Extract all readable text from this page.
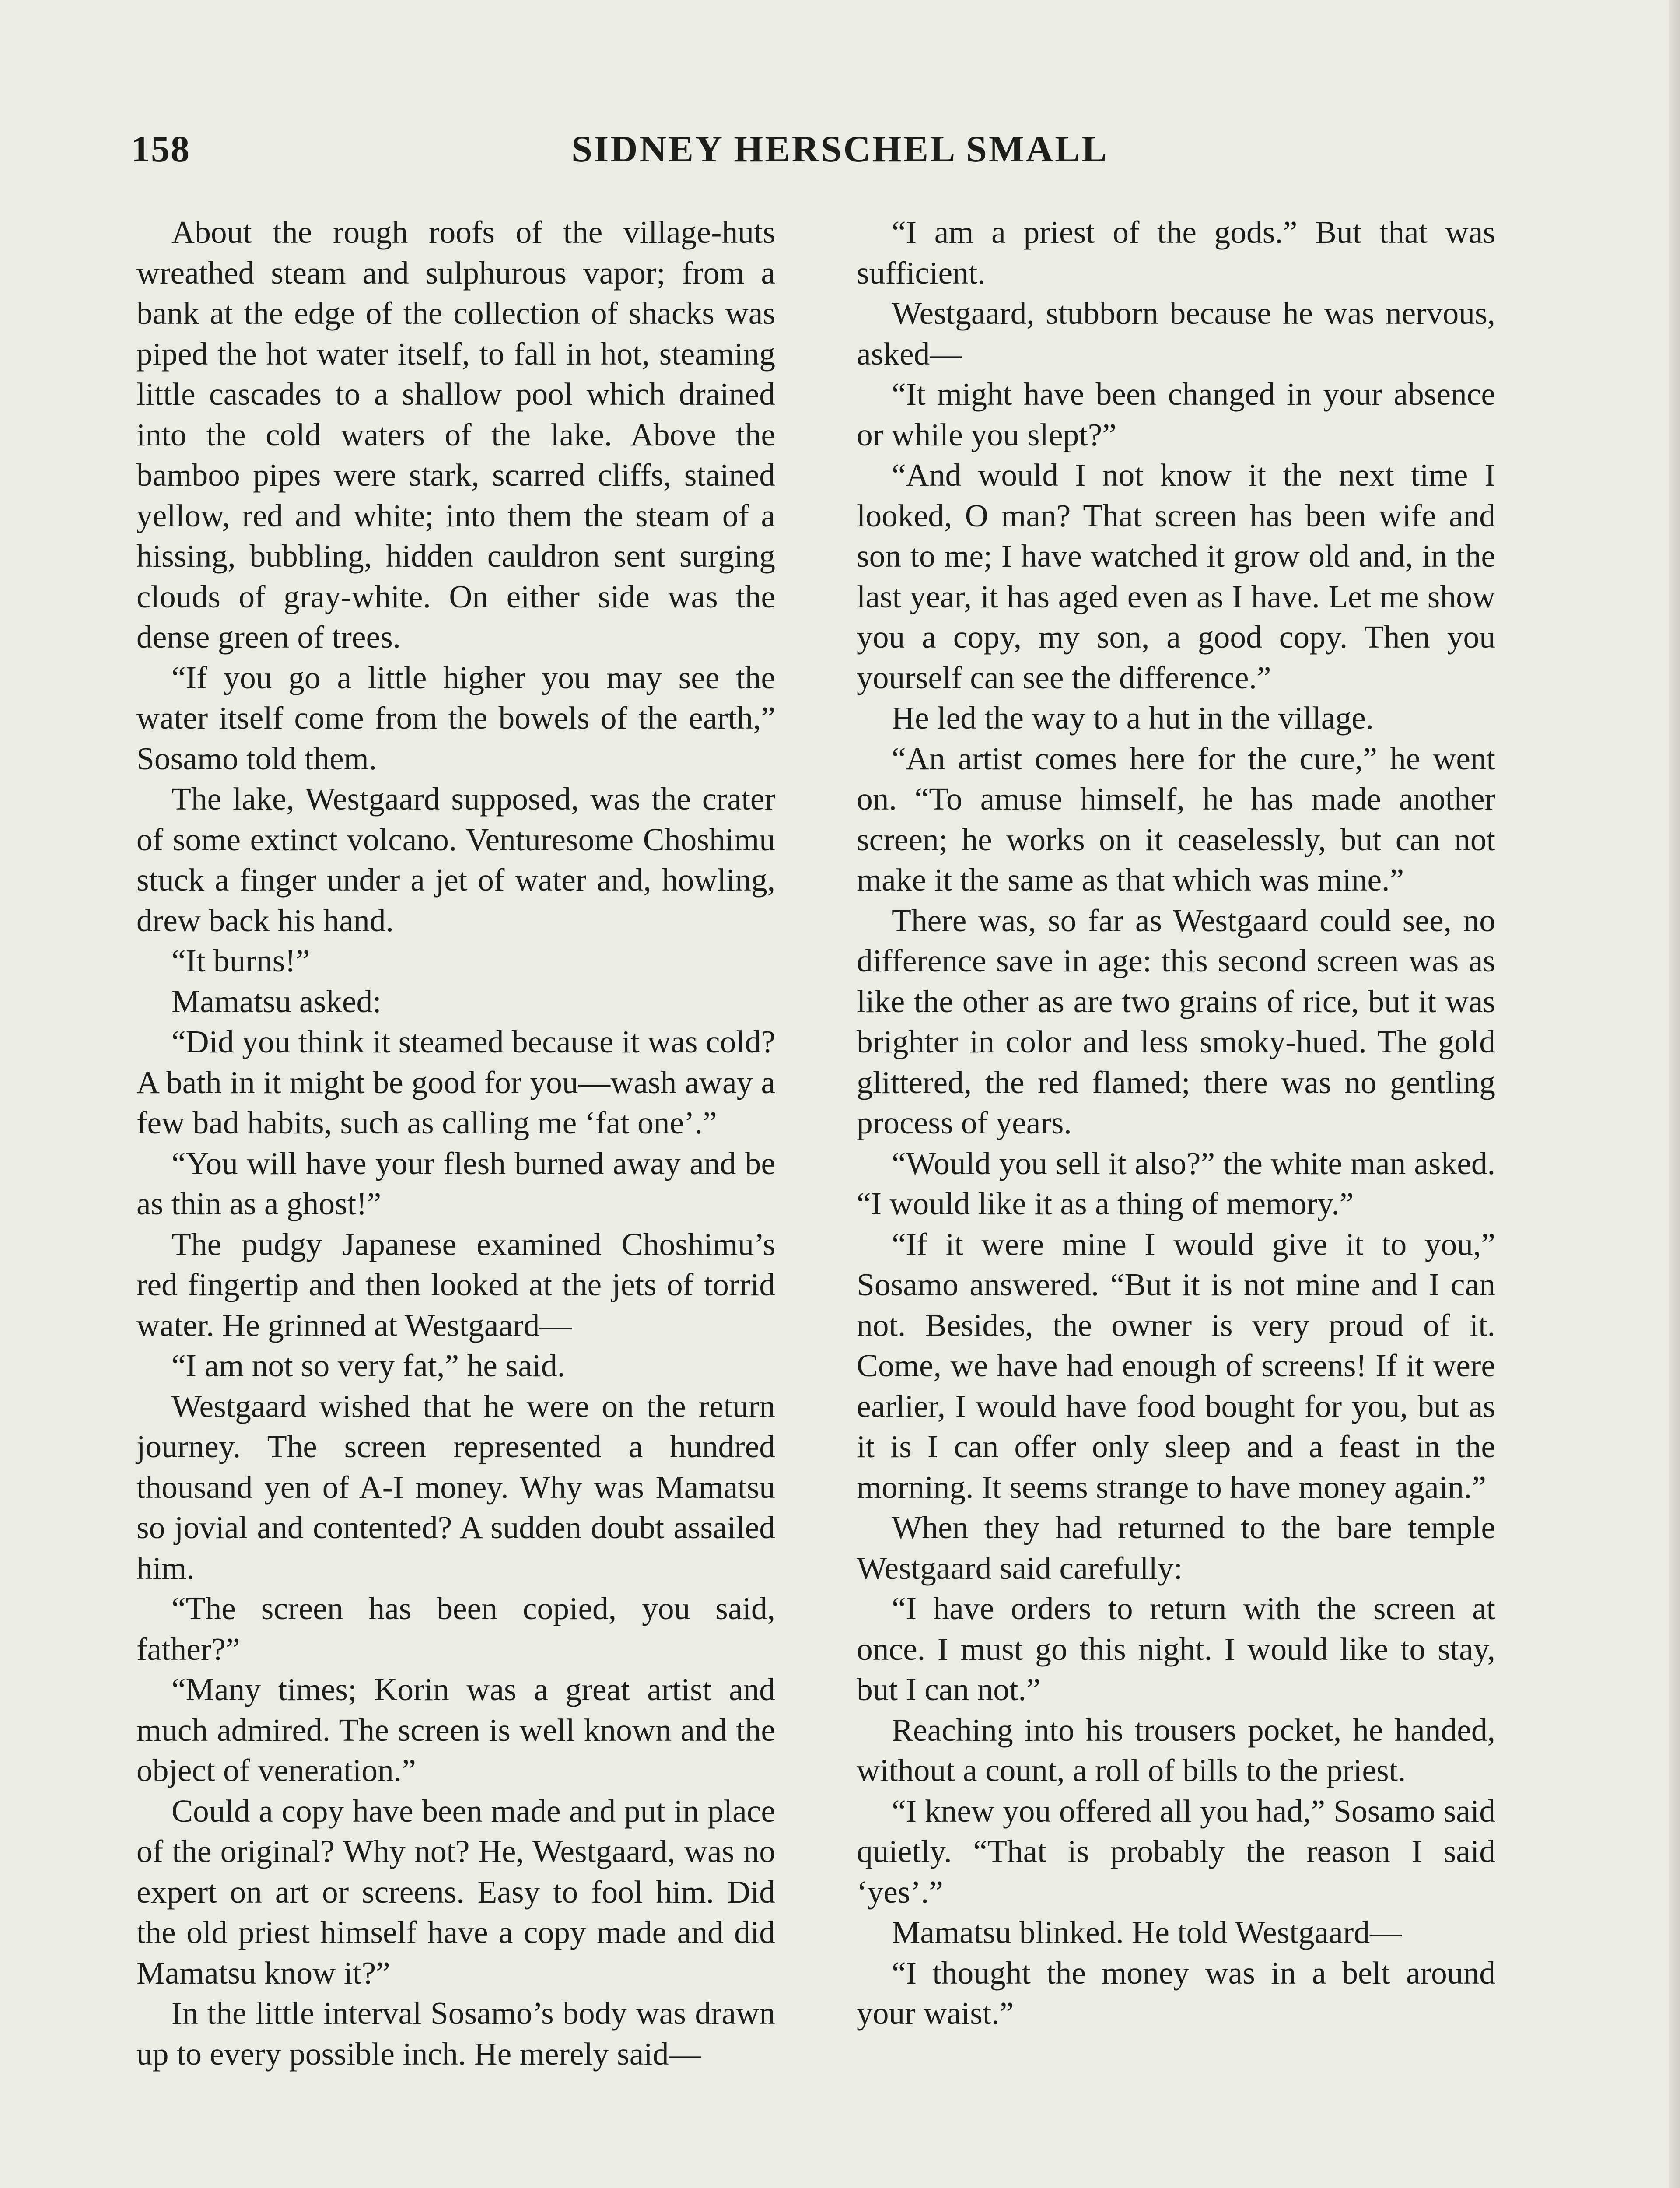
158	SIDNEY HERSCHEL SMALL

About the rough roofs of the village-huts wreathed steam and sulphurous vapor; from a bank at the edge of the collection of shacks was piped the hot water itself, to fall in hot, steaming little cascades to a shallow pool which drained into the cold waters of the lake. Above the bamboo pipes were stark, scarred cliffs, stained yellow, red and white; into them the steam of a hissing, bubbling, hidden cauldron sent surging clouds of gray-white. On either side was the dense green of trees.

“If you go a little higher you may see the water itself come from the bowels of the earth,” Sosamo told them.

The lake, Westgaard supposed, was the crater of some extinct volcano. Venturesome Choshimu stuck a finger under a jet of water and, howling, drew back his hand.

“It burns!”

Mamatsu asked:

“Did you think it steamed because it was cold? A bath in it might be good for you—wash away a few bad habits, such as calling me ‘fat one’.”

“You will have your flesh burned away and be as thin as a ghost!”

The pudgy Japanese examined Choshimu’s red fingertip and then looked at the jets of torrid water. He grinned at Westgaard—

“I am not so very fat,” he said.

Westgaard wished that he were on the return journey. The screen represented a hundred thousand yen of A-I money. Why was Mamatsu so jovial and contented? A sudden doubt assailed him.

“The screen has been copied, you said, father?”

“Many times; Korin was a great artist and much admired. The screen is well known and the object of veneration.”

Could a copy have been made and put in place of the original? Why not? He, Westgaard, was no expert on art or screens. Easy to fool him. Did the old priest himself have a copy made and did Mamatsu know it?”

In the little interval Sosamo’s body was drawn up to every possible inch. He merely said—

“I am a priest of the gods.” But that was sufficient.

Westgaard, stubborn because he was nervous, asked—

“It might have been changed in your absence or while you slept?”

“And would I not know it the next time I looked, O man? That screen has been wife and son to me; I have watched it grow old and, in the last year, it has aged even as I have. Let me show you a copy, my son, a good copy. Then you yourself can see the difference.”

He led the way to a hut in the village.

“An artist comes here for the cure,” he went on. “To amuse himself, he has made another screen; he works on it ceaselessly, but can not make it the same as that which was mine.”

There was, so far as Westgaard could see, no difference save in age: this second screen was as like the other as are two grains of rice, but it was brighter in color and less smoky-hued. The gold glittered, the red flamed; there was no gentling process of years.

“Would you sell it also?” the white man asked. “I would like it as a thing of memory.”

“If it were mine I would give it to you,” Sosamo answered. “But it is not mine and I can not. Besides, the owner is very proud of it. Come, we have had enough of screens! If it were earlier, I would have food bought for you, but as it is I can offer only sleep and a feast in the morning. It seems strange to have money again.”

When they had returned to the bare temple Westgaard said carefully:

“I have orders to return with the screen at once. I must go this night. I would like to stay, but I can not.”

Reaching into his trousers pocket, he handed, without a count, a roll of bills to the priest.

“I knew you offered all you had,” Sosamo said quietly. “That is probably the reason I said ‘yes’.”

Mamatsu blinked. He told Westgaard—

“I thought the money was in a belt around your waist.”
